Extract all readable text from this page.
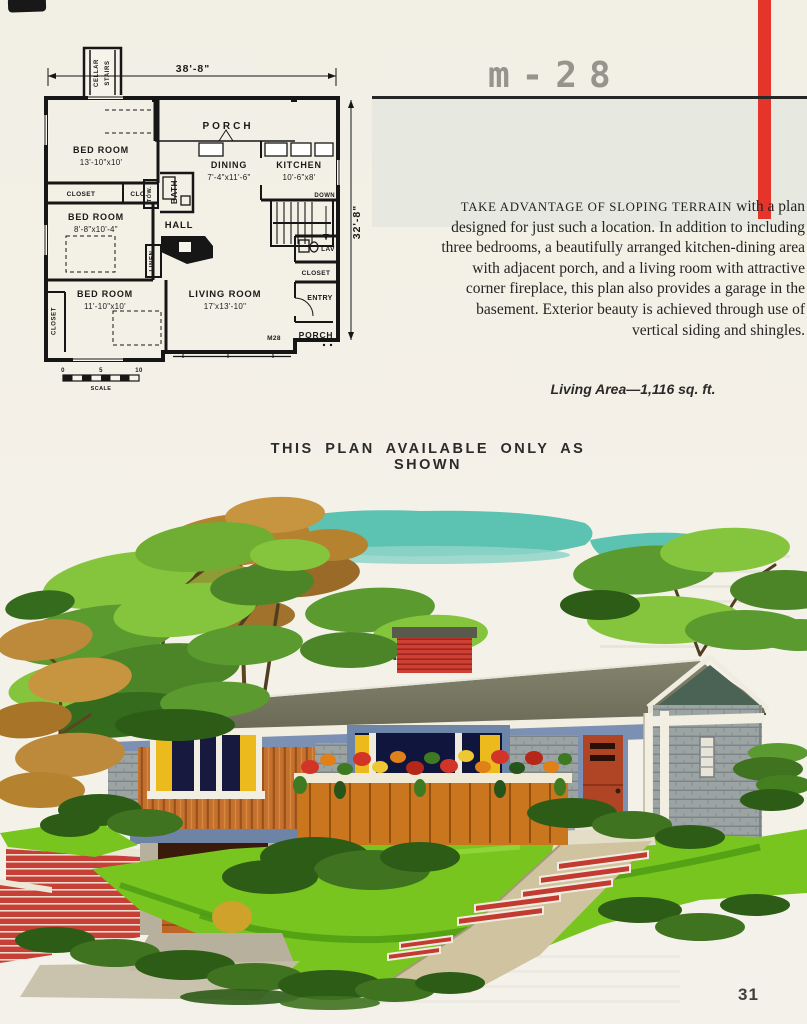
m-28
CELLAR STAIRS	38'-8"
32'-8"
PORCH
BED ROOM
13'-10"x10'
CLOSET	CLO. TOW. BATH
BED ROOM
8'-8"x10'-4"
DINING
7'-4"x11'-6"
KITCHEN
10'-6"x8'
DOWN
HALL
LINEN
CLOSET
BED ROOM
11'-10"x10'
LIVING ROOM
17'x13'-10"
LAV
CLOSET
ENTRY
PORCH
M28
0	5	10
SCALE

TAKE ADVANTAGE OF SLOPING TERRAIN with a plan designed for just such a location. In addition to including three bedrooms, a beautifully arranged kitchen-dining area with adjacent porch, and a living room with attractive corner fireplace, this plan also provides a garage in the basement. Exterior beauty is achieved through use of vertical siding and shingles.

Living Area—1,116 sq. ft.
THIS PLAN AVAILABLE ONLY AS SHOWN
31
